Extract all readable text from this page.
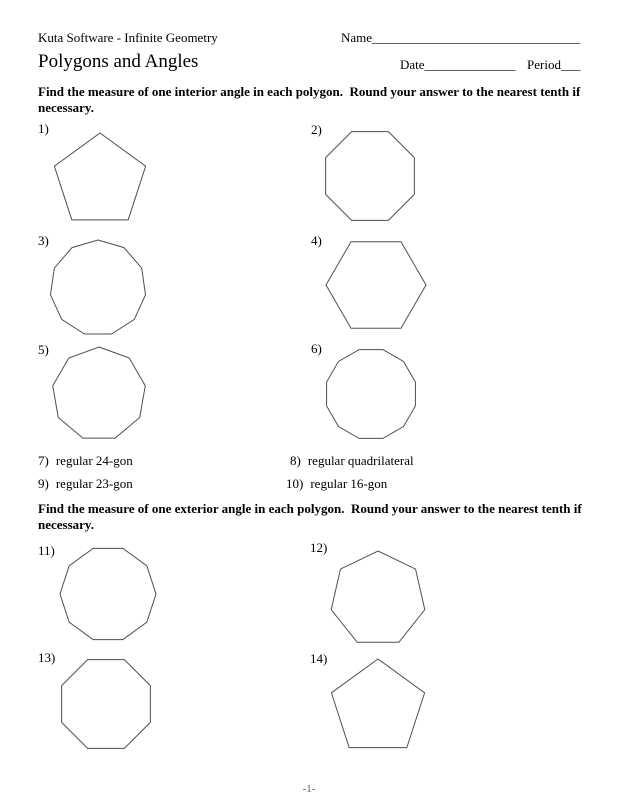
Kuta Software - Infinite Geometry	Name________________________________
Polygons and Angles	Date______________ Period___
Find the measure of one interior angle in each polygon.  Round your answer to the nearest tenth if
necessary.
Find the measure of one exterior angle in each polygon.  Round your answer to the nearest tenth if
necessary.
1)	2)
3)	4)
5)	6)
7) regular 24-gon	8) regular quadrilateral
9) regular 23-gon	10) regular 16-gon
11)	12)
13)	14)
-1-
